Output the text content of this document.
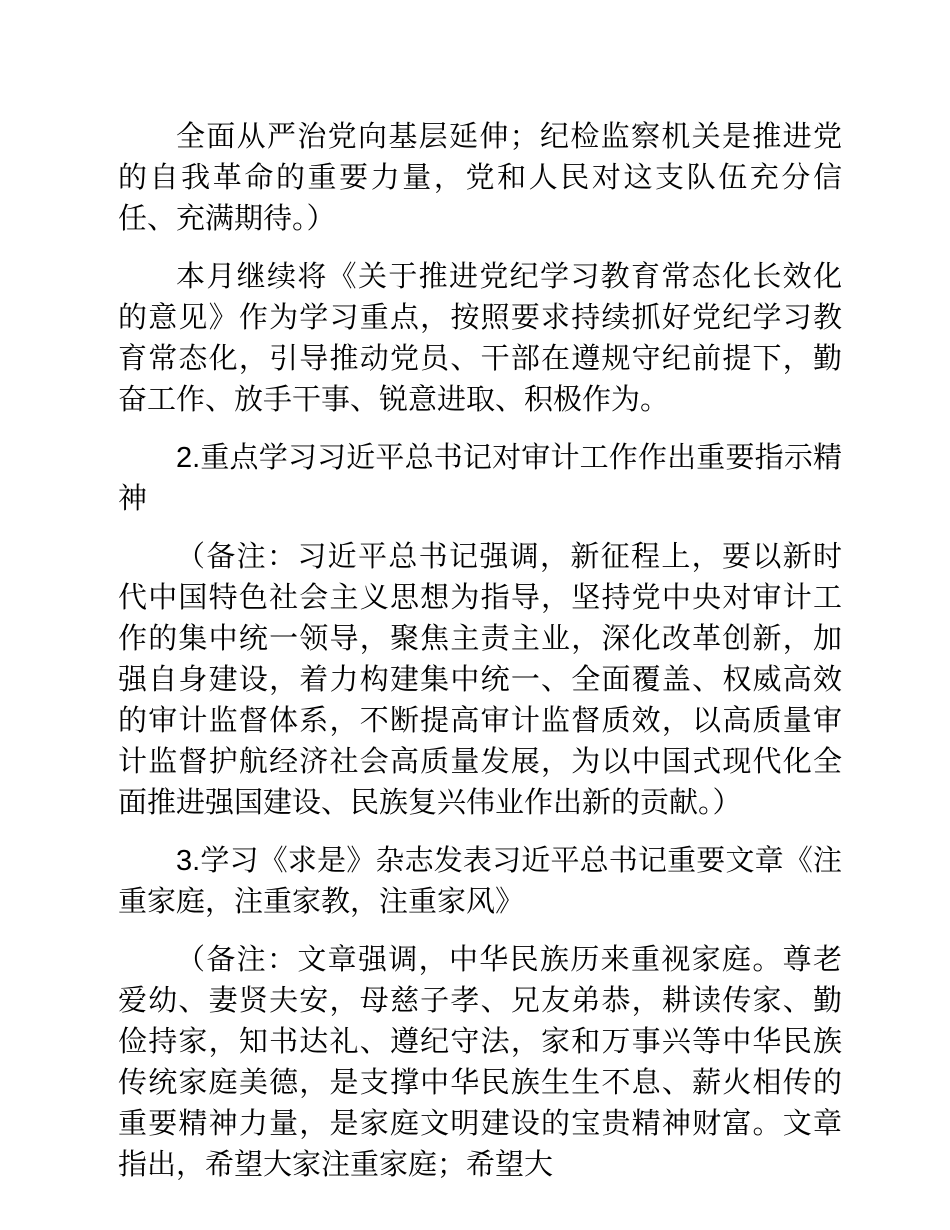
全面从严治党向基层延伸；纪检监察机关是推进党的自我革命的重要力量，党和人民对这支队伍充分信任、充满期待。）

本月继续将《关于推进党纪学习教育常态化长效化的意见》作为学习重点，按照要求持续抓好党纪学习教育常态化，引导推动党员、干部在遵规守纪前提下，勤奋工作、放手干事、锐意进取、积极作为。

2.重点学习习近平总书记对审计工作作出重要指示精神

（备注：习近平总书记强调，新征程上，要以新时代中国特色社会主义思想为指导，坚持党中央对审计工作的集中统一领导，聚焦主责主业，深化改革创新，加强自身建设，着力构建集中统一、全面覆盖、权威高效的审计监督体系，不断提高审计监督质效，以高质量审计监督护航经济社会高质量发展，为以中国式现代化全面推进强国建设、民族复兴伟业作出新的贡献。）

3.学习《求是》杂志发表习近平总书记重要文章《注重家庭，注重家教，注重家风》

（备注：文章强调，中华民族历来重视家庭。尊老爱幼、妻贤夫安，母慈子孝、兄友弟恭，耕读传家、勤俭持家，知书达礼、遵纪守法，家和万事兴等中华民族传统家庭美德，是支撑中华民族生生不息、薪火相传的重要精神力量，是家庭文明建设的宝贵精神财富。文章指出，希望大家注重家庭；希望大
